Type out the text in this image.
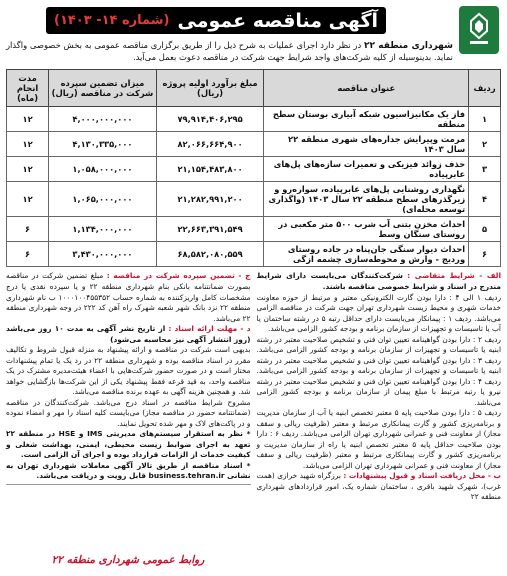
آگهی مناقصه عمومی
(شماره ۱۴- ۱۴۰۳)

شهرداری منطقه ۲۲ در نظر دارد اجرای عملیات به شرح ذیل را از طریق برگزاری مناقصه عمومی به بخش خصوصی واگذار نماید. بدینوسیله از کلیه شرکت‌های واجد شرایط جهت شرکت در مناقصه دعوت بعمل می‌آید.

ردیف	عنوان مناقصه	مبلغ برآورد اولیه پروژه (ریال)	میزان تضمین سپرده شرکت در مناقصه (ریال)	مدت انجام (ماه)
۱	فاز یک مکانیزاسیون شبکه آبیاری بوستان سطح منطقه	۷۹,۹۱۴,۴۰۶,۲۹۵	۴,۰۰۰,۰۰۰,۰۰۰	۱۲
۲	مرمت وپیرایش جداره‌های شهری منطقه ۲۲ سال ۱۴۰۳	۸۲,۰۶۶,۶۶۴,۹۰۰	۴,۱۳۰,۳۳۵,۰۰۰	۱۲
۳	حذف زوائد فیزیکی و تعمیرات سازه‌های پل‌های عابرپیاده	۲۱,۱۵۴,۴۸۳,۸۰۰	۱,۰۵۸,۰۰۰,۰۰۰	۱۲
۴	نگهداری روشنایی پل‌های عابرپیاده، سواره‌رو و زیرگذرهای سطح منطقه ۲۲ سال ۱۴۰۳ (واگذاری توسعه محله‌ای)	۲۱,۲۸۲,۹۹۱,۲۰۰	۱,۰۶۵,۰۰۰,۰۰۰	۱۲
۵	احداث مخزن بتنی آب شرب ۵۰۰ متر مکعبی در روستای سنگان وسط	۲۲,۶۶۳,۳۹۱,۵۴۹	۱,۱۳۴,۰۰۰,۰۰۰	۶
۶	احداث دیوار سنگی جان‌پناه در جاده روستای وردیج - وارش و محوطه‌سازی چشمه ازگی	۶۸,۵۸۲,۰۸۰,۵۵۹	۳,۴۳۰,۰۰۰,۰۰۰	۶

الف - شرایط متقاضی : شرکت‌کنندگان می‌بایست دارای شرایط مندرج در اسناد و شرایط خصوصی مناقصه باشند.

ردیف ۱ الی ۴ : دارا بودن گارت الکترونیکی معتبر و مرتبط از حوزه معاونت خدمات شهری و محیط زیست شهرداری تهران جهت شرکت در مناقصه الزامی می‌باشد. ردیف ۱ : پیمانکار می‌بایست دارای حداقل رتبه ۵ در رشته ساختمان یا آب یا تاسیسات و تجهیزات از سازمان برنامه و بودجه کشور الزامی می‌باشد.

ردیف ۲ : دارا بودن گواهینامه تعیین توان فنی و تشخیص صلاحیت معتبر در رشته ابنیه یا تاسیسات و تجهیزات از سازمان برنامه و بودجه کشور الزامی می‌باشد. ردیف ۳ : دارا بودن گواهینامه تعیین توان فنی و تشخیص صلاحیت معتبر در رشته ابنیه یا تاسیسات و تجهیزات از سازمان برنامه و بودجه کشور الزامی می‌باشد. ردیف ۴ : دارا بودن گواهینامه تعیین توان فنی و تشخیص صلاحیت معتبر در رشته نیرو یا رتبه مرتبط با مبلغ پیمان از سازمان برنامه و بودجه کشور الزامی می‌باشد.

ردیف ۵ : دارا بودن صلاحیت پایه ۵ معتبر تخصص ابنیه یا آب از سازمان مدیریت و برنامه‌ریزی کشور و گارت پیمانکاری مرتبط و معتبر (ظرفیت ریالی و سقف مجاز) از معاونت فنی و عمرانی شهرداری تهران الزامی می‌باشد. ردیف ۶ : دارا بودن صلاحیت حداقل پایه ۵ معتبر تخصص ابنیه یا راه از سازمان مدیریت و برنامه‌ریزی کشور و گارت پیمانکاری مرتبط و معتبر (ظرفیت ریالی و سقف مجاز) از معاونت فنی و عمرانی شهرداری تهران الزامی می‌باشد.

ب - محل دریافت اسناد و قبول پیشنهادات : برزگراه شهید خرازی (همت غرب)، شهرک شهید باقری ، ساختمان شماره یک، امور قراردادهای شهرداری منطقه ۲۲

ج - تضمین سپرده شرکت در مناقصه : مبلغ تضمین شرکت در مناقصه بصورت ضمانتنامه بانکی بنام شهرداری منطقه ۲۲ و یا سپرده نقدی یا درج مشخصات کامل واریزکننده به شماره حساب ۱۰۰۰۱۰۰۴۵۵۳۵۲ ب نام شهرداری منطقه ۲۲ نزد بانک شهر شعبه شهرک راه آهن کد ۲۲۲ در وجه شهرداری منطقه ۲۲ می‌باشد.

د - مهلت ارائه اسناد : از تاریخ نشر آگهی به مدت ۱۰ روز می‌باشد (روز انتشار آگهی نیز محاسبه می‌شود)

بدیهی است شرکت در مناقصه و ارائه پیشنهاد به منزله قبول شروط و تکالیف مقرر در اسناد مناقصه بوده و شهرداری منطقه ۲۲ در رد یک یا تمام پیشنهادات مختار است و در صورت حضور شرکت‌هایی با اعضاء هیئت‌مدیره مشترک در یک مناقصه واحد، به قید قرعه فقط پیشنهاد یکی از این شرکت‌ها بازگشایی خواهد شد. و همچنین هزینه آگهی به عهده برنده مناقصه می‌باشد.

مشروح شرایط مناقصه در اسناد درج می‌باشد. شرکت‌کنندگان در مناقصه (ضمانتنامه حضور در مناقصه مجاز) می‌بایست کلیه اسناد را مهر و امضاء نموده و در پاکت‌های لاک و مهر شده تحویل نمایند.

* نظر به استقرار سیستم‌های مدیریتی IMS و HSE در منطقه ۲۲ تعهد به اجرای ضوابط زیست محیطی، ایمنی، بهداشت شغلی و کیفیت خدمات از الزامات قرارداد بوده و اجرای آن الزامی است.

* اسناد مناقصه از طریق تالار آگهی معاملات شهرداری تهران به نشانی business.tehran.ir قابل رویت و دریافت می‌باشد.

روابط عمومی شهرداری منطقه ۲۲
